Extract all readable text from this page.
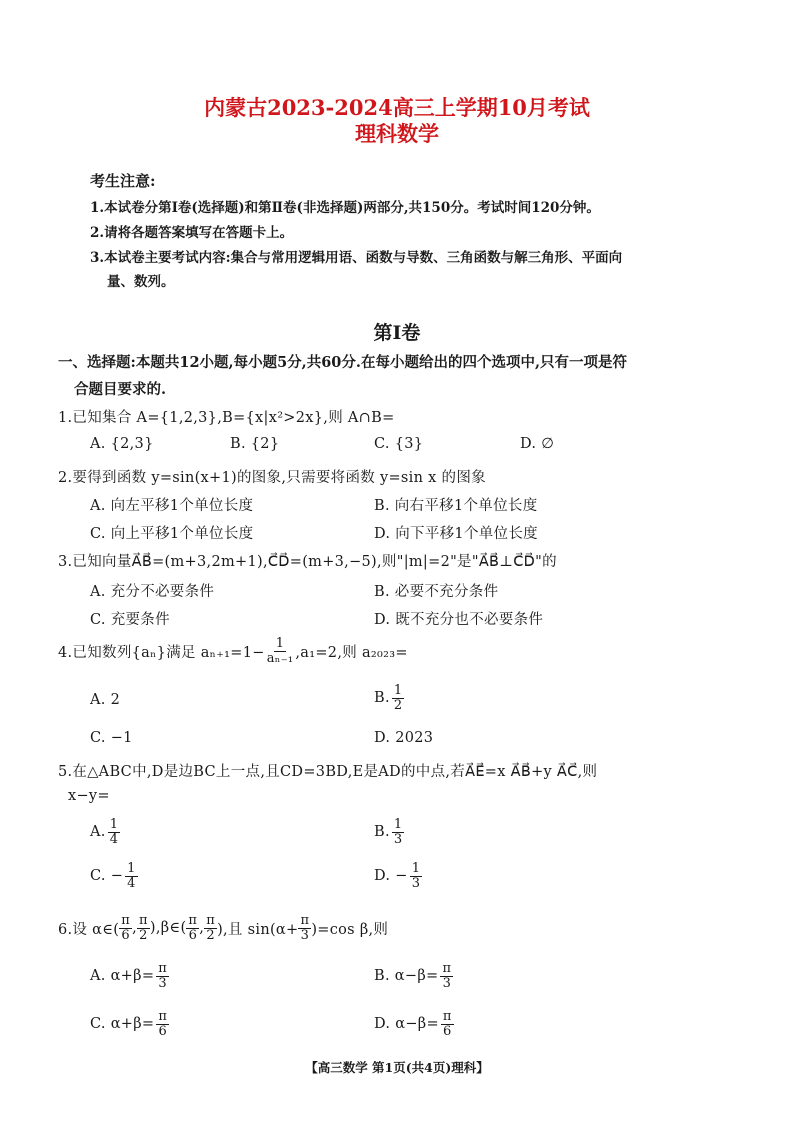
内蒙古2023-2024高三上学期10月考试
理科数学
考生注意:
1.本试卷分第Ⅰ卷(选择题)和第Ⅱ卷(非选择题)两部分,共150分。考试时间120分钟。
2.请将各题答案填写在答题卡上。
3.本试卷主要考试内容:集合与常用逻辑用语、函数与导数、三角函数与解三角形、平面向
量、数列。
第Ⅰ卷
一、选择题:本题共12小题,每小题5分,共60分.在每小题给出的四个选项中,只有一项是符
合题目要求的.
1.已知集合 A={1,2,3},B={x|x²>2x},则 A∩B=
A. {2,3}	B. {2}	C. {3}	D. ∅
2.要得到函数 y=sin(x+1)的图象,只需要将函数 y=sin x 的图象
A. 向左平移1个单位长度	B. 向右平移1个单位长度
C. 向上平移1个单位长度	D. 向下平移1个单位长度
3.已知向量A⃗B⃗=(m+3,2m+1),C⃗D⃗=(m+3,−5),则"|m|=2"是"A⃗B⃗⊥C⃗D⃗"的
A. 充分不必要条件	B. 必要不充分条件
C. 充要条件	D. 既不充分也不必要条件
4.已知数列{aₙ}满足 $a_{n+1}=1- \frac{1}{\text{aₙ₋₁}} ,a_1=2$,则 a₂₀₂₃=
A. 2	B. $\frac{1}{2}$
C. −1	D. 2023
5.在△ABC中,D是边BC上一点,且CD=3BD,E是AD的中点,若A⃗E⃗=x A⃗B⃗+y A⃗C⃗,则
x−y=
A. $\frac{1}{4}$	B. $\frac{1}{3}$
C. − $\frac{1}{4}$	D. − $\frac{1}{3}$
6.设 α∈( $\frac{\pi}{6}$ , $\frac{\pi}{2}$ ),β∈( $\frac{\pi}{6}$ , $\frac{\pi}{2}$ ),且 $\sin(\alpha+ \frac{\pi}{3} )=\cos$ β,则
A. $\alpha+\beta= \frac{\pi}{3}$	B. $\alpha-\beta= \frac{\pi}{3}$
C. $\alpha+\beta= \frac{\pi}{6}$	D. $\alpha-\beta= \frac{\pi}{6}$
【高三数学 第1页(共4页)理科】
